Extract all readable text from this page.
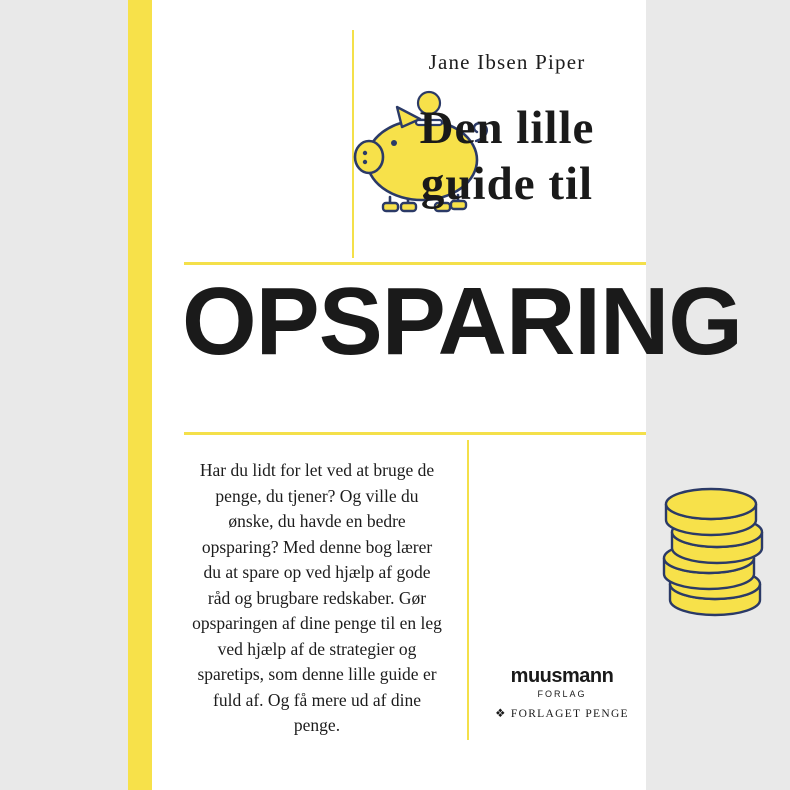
Jane Ibsen Piper
Den lille
guide til
OPSPARING
Har du lidt for let ved at bruge de penge, du tjener? Og ville du ønske, du havde en bedre opsparing? Med denne bog lærer du at spare op ved hjælp af gode råd og brugbare redskaber. Gør opsparingen af dine penge til en leg ved hjælp af de strategier og sparetips, som denne lille guide er fuld af. Og få mere ud af dine penge.
muusmann
FORLAG
❖ FORLAGET PENGE
